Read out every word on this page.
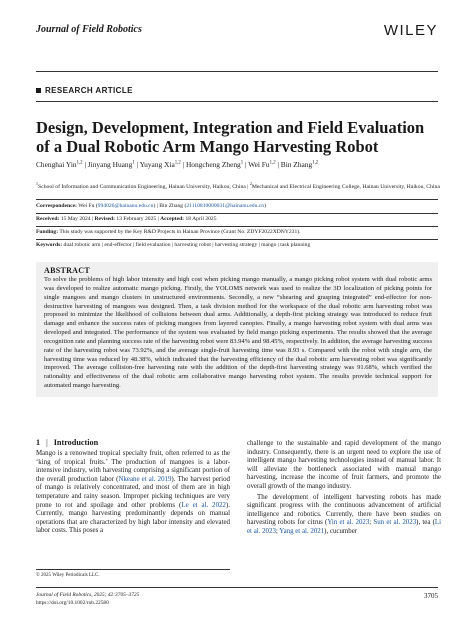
Journal of Field Robotics	WILEY
RESEARCH ARTICLE
Design, Development, Integration and Field Evaluation of a Dual Robotic Arm Mango Harvesting Robot
Chenghai Yin$^{1,2}$ | Jinyang Huang$^1$ | Yuyang Xia$^{1,2}$ | Hongcheng Zheng$^1$ | Wei Fu$^{1,2}$ | Bin Zhang$^{1,2}$
$^1$School of Information and Communication Engineering, Hainan University, Haikou, China | $^2$Mechanical and Electrical Engineering College, Hainan University, Haikou, China
Correspondence: Wei Fu (994026@hainanu.edu.cn) | Bin Zhang (21110810000031@hainanu.edu.cn)
Received: 15 May 2024 | Revised: 13 February 2025 | Accepted: 18 April 2025
Funding: This study was supported by the Key R&D Projects in Hainan Province (Grant No. ZDYF2022XDNY231).
Keywords: dual robotic arm | end-effector | field evaluation | harvesting robot | harvesting strategy | mango | task planning
ABSTRACT
To solve the problems of high labor intensity and high cost when picking mango manually, a mango picking robot system with dual robotic arms was developed to realize automatic mango picking. Firstly, the YOLOMS network was used to realize the 3D localization of picking points for single mangoes and mango clusters in unstructured environments. Secondly, a new “shearing and grasping integrated” end-effector for non-destructive harvesting of mangoes was designed. Then, a task division method for the workspace of the dual robotic arm harvesting robot was proposed to minimize the likelihood of collisions between dual arms. Additionally, a depth-first picking strategy was introduced to reduce fruit damage and enhance the success rates of picking mangoes from layered canopies. Finally, a mango harvesting robot system with dual arms was developed and integrated. The performance of the system was evaluated by field mango picking experiments. The results showed that the average recognition rate and planning success rate of the harvesting robot were 83.94% and 98.45%, respectively. In addition, the average harvesting success rate of the harvesting robot was 73.92%, and the average single-fruit harvesting time was 8.93 s. Compared with the robot with single arm, the harvesting time was reduced by 48.38%, which indicated that the harvesting efficiency of the dual robotic arm harvesting robot was significantly improved. The average collision-free harvesting rate with the addition of the depth-first harvesting strategy was 91.68%, which verified the rationality and effectiveness of the dual robotic arm collaborative mango harvesting robot system. The results provide technical support for automated mango harvesting.
1 | Introduction

Mango is a renowned tropical specialty fruit, often referred to as the ‘king of tropical fruits.’ The production of mangoes is a labor-intensive industry, with harvesting comprising a significant portion of the overall production labor (Nkeane et al. 2019). The harvest period of mango is relatively concentrated, and most of them are in high temperature and rainy season. Improper picking techniques are very prone to rot and spoilage and other problems (Le et al. 2022). Currently, mango harvesting predominantly depends on manual operations that are characterized by high labor intensity and elevated labor costs. This poses a

challenge to the sustainable and rapid development of the mango industry. Consequently, there is an urgent need to explore the use of intelligent mango harvesting technologies instead of manual labor. It will alleviate the bottleneck associated with manual mango harvesting, increase the income of fruit farmers, and promote the overall growth of the mango industry.

The development of intelligent harvesting robots has made significant progress with the continuous advancement of artificial intelligence and robotics. Currently, there have been studies on harvesting robots for citrus (Yin et al. 2023; Sun et al. 2023), tea (Li et al. 2023; Yang et al. 2021), cucumber

© 2025 Wiley Periodicals LLC.
Journal of Field Robotics, 2025; 42:3705–3725
https://doi.org/10.1002/rob.22580
3705
